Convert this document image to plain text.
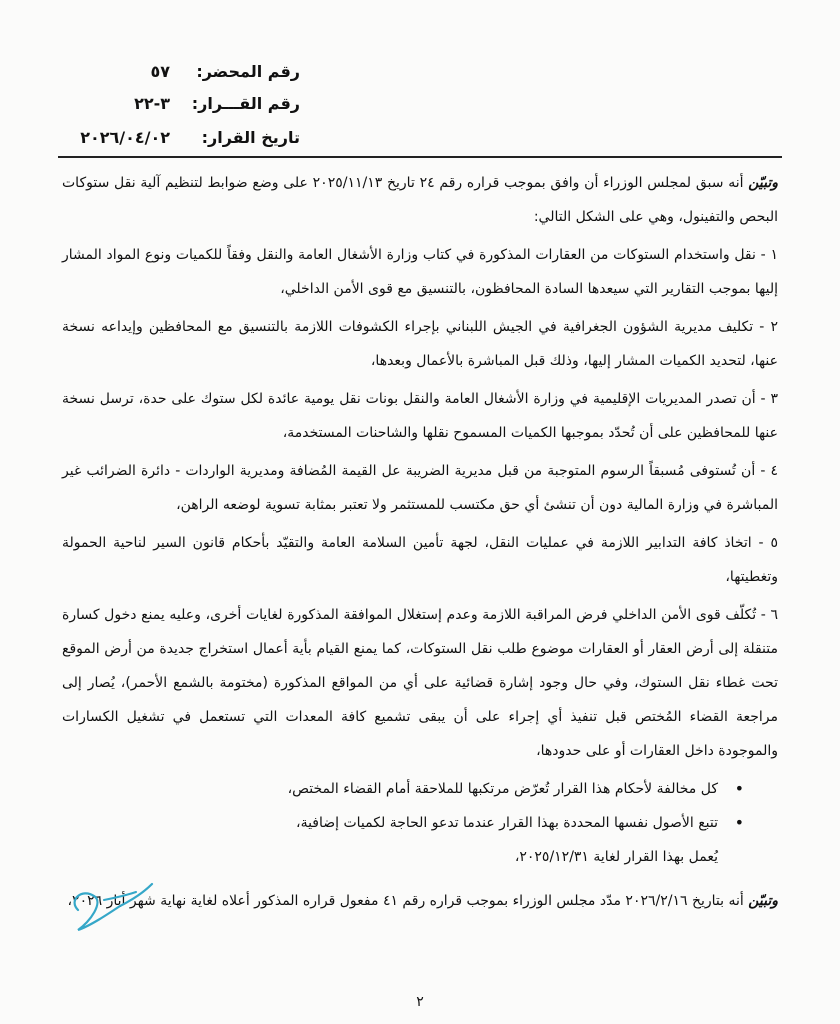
رقم المحضر:٥٧
رقم القـــرار:٣-٢٢
تاريخ القرار:٢٠٢٦/٠٤/٠٢

وتبيّن أنه سبق لمجلس الوزراء أن وافق بموجب قراره رقم ٢٤ تاريخ ٢٠٢٥/١١/١٣ على وضع ضوابط لتنظيم آلية نقل ستوكات البحص والتفينول، وهي على الشكل التالي:

١ - نقل واستخدام الستوكات من العقارات المذكورة في كتاب وزارة الأشغال العامة والنقل وفقاً للكميات ونوع المواد المشار إليها بموجب التقارير التي سيعدها السادة المحافظون، بالتنسيق مع قوى الأمن الداخلي،

٢ - تكليف مديرية الشؤون الجغرافية في الجيش اللبناني بإجراء الكشوفات اللازمة بالتنسيق مع المحافظين وإيداعه نسخة عنها، لتحديد الكميات المشار إليها، وذلك قبل المباشرة بالأعمال وبعدها،

٣ - أن تصدر المديريات الإقليمية في وزارة الأشغال العامة والنقل بونات نقل يومية عائدة لكل ستوك على حدة، ترسل نسخة عنها للمحافظين على أن تُحدّد بموجبها الكميات المسموح نقلها والشاحنات المستخدمة،

٤ - أن تُستوفى مُسبقاً الرسوم المتوجبة من قبل مديرية الضريبة عل القيمة المُضافة ومديرية الواردات - دائرة الضرائب غير المباشرة في وزارة المالية دون أن تنشئ أي حق مكتسب للمستثمر ولا تعتبر بمثابة تسوية لوضعه الراهن،

٥ - اتخاذ كافة التدابير اللازمة في عمليات النقل، لجهة تأمين السلامة العامة والتقيّد بأحكام قانون السير لناحية الحمولة وتغطيتها،

٦ - تُكلّف قوى الأمن الداخلي فرض المراقبة اللازمة وعدم إستغلال الموافقة المذكورة لغايات أخرى، وعليه يمنع دخول كسارة متنقلة إلى أرض العقار أو العقارات موضوع طلب نقل الستوكات، كما يمنع القيام بأية أعمال استخراج جديدة من أرض الموقع تحت غطاء نقل الستوك، وفي حال وجود إشارة قضائية على أي من المواقع المذكورة (مختومة بالشمع الأحمر)، يُصار إلى مراجعة القضاء المُختص قبل تنفيذ أي إجراء على أن يبقى تشميع كافة المعدات التي تستعمل في تشغيل الكسارات والموجودة داخل العقارات أو على حدودها،

• كل مخالفة لأحكام هذا القرار تُعرّض مرتكبها للملاحقة أمام القضاء المختص،
• تتبع الأصول نفسها المحددة بهذا القرار عندما تدعو الحاجة لكميات إضافية،

يُعمل بهذا القرار لغاية ٢٠٢٥/١٢/٣١،

وتبيّن أنه بتاريخ ٢٠٢٦/٢/١٦ مدّد مجلس الوزراء بموجب قراره رقم ٤١ مفعول قراره المذكور أعلاه لغاية نهاية شهر أيار ٢٠٢٦،

٢
